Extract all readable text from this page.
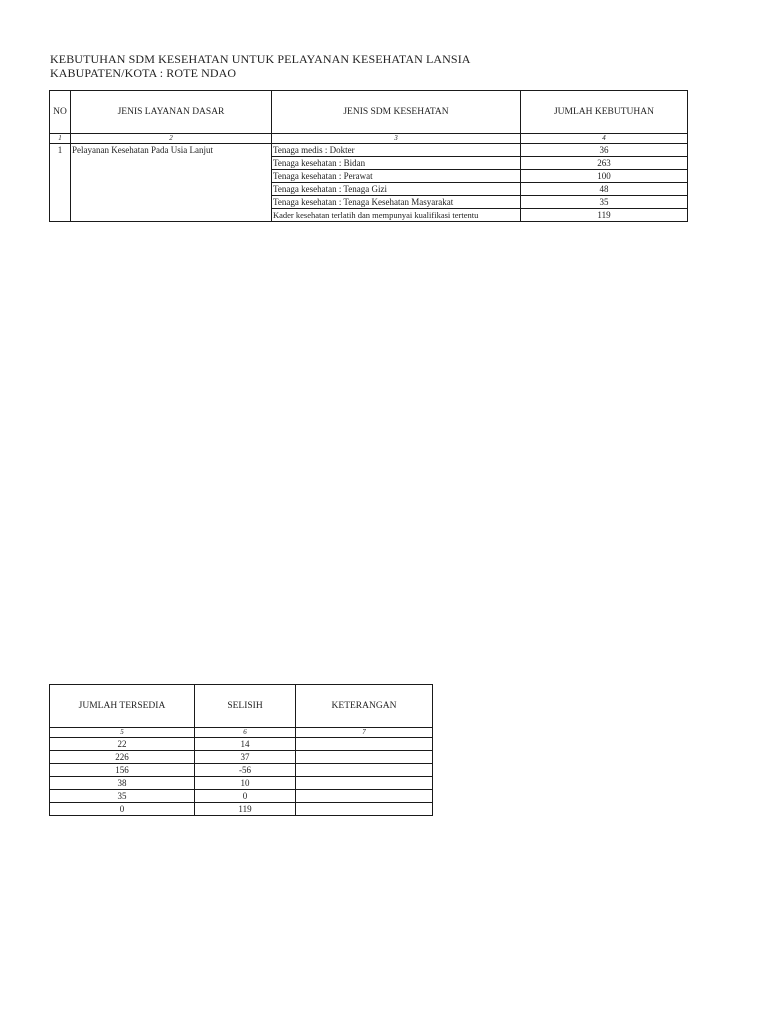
KEBUTUHAN SDM KESEHATAN UNTUK PELAYANAN KESEHATAN LANSIA
KABUPATEN/KOTA : ROTE NDAO
NO	JENIS LAYANAN DASAR	JENIS SDM KESEHATAN	JUMLAH KEBUTUHAN
1	2	3	4
1	Pelayanan Kesehatan Pada Usia Lanjut	Tenaga medis : Dokter	36
		Tenaga kesehatan : Bidan	263
		Tenaga kesehatan : Perawat	100
		Tenaga kesehatan : Tenaga Gizi	48
		Tenaga kesehatan : Tenaga Kesehatan Masyarakat	35
		Kader kesehatan terlatih dan mempunyai kualifikasi tertentu	119
JUMLAH TERSEDIA	SELISIH	KETERANGAN
5	6	7
22	14	
226	37	
156	-56	
38	10	
35	0	
0	119	
